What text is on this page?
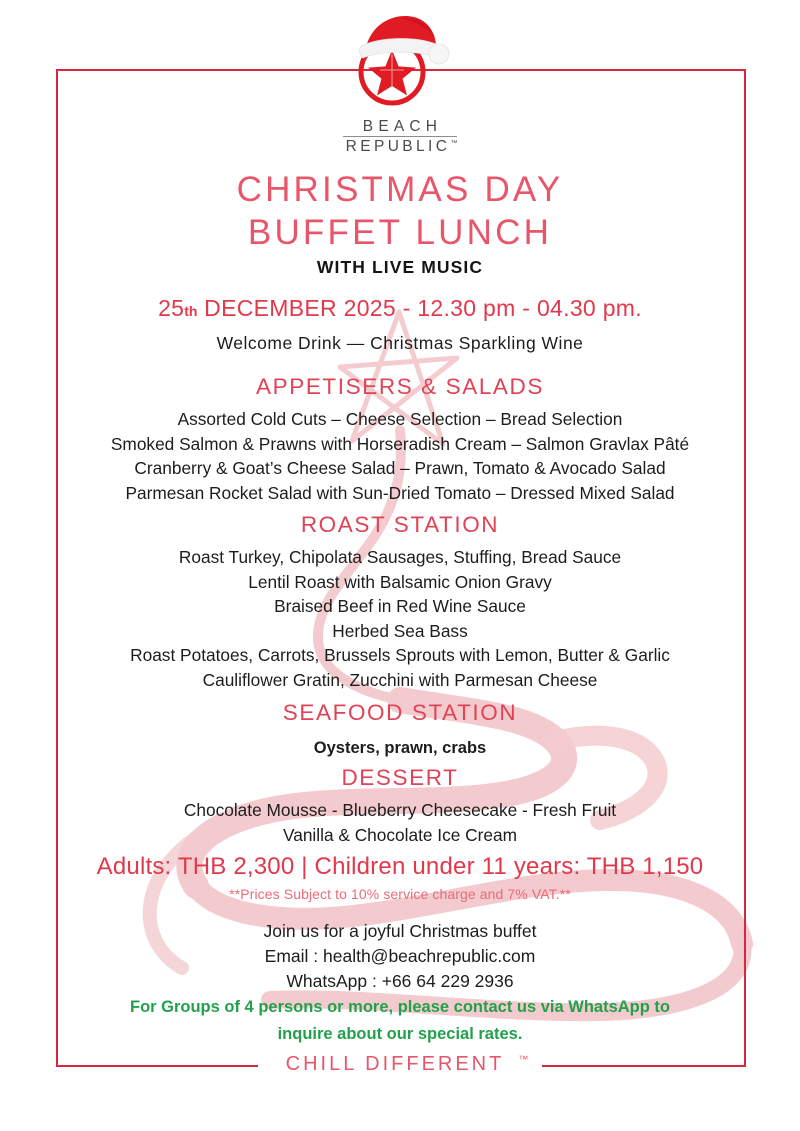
BEACH
REPUBLIC™
CHRISTMAS DAY
BUFFET LUNCH
WITH LIVE MUSIC
25th DECEMBER 2025 - 12.30 pm - 04.30 pm.
Welcome Drink — Christmas Sparkling Wine

APPETISERS & SALADS

Assorted Cold Cuts – Cheese Selection – Bread Selection

Smoked Salmon & Prawns with Horseradish Cream – Salmon Gravlax Pâté

Cranberry & Goat’s Cheese Salad – Prawn, Tomato & Avocado Salad

Parmesan Rocket Salad with Sun-Dried Tomato – Dressed Mixed Salad

ROAST STATION

Roast Turkey, Chipolata Sausages, Stuffing, Bread Sauce

Lentil Roast with Balsamic Onion Gravy

Braised Beef in Red Wine Sauce

Herbed Sea Bass

Roast Potatoes, Carrots, Brussels Sprouts with Lemon, Butter & Garlic

Cauliflower Gratin, Zucchini with Parmesan Cheese

SEAFOOD STATION

Oysters, prawn, crabs

DESSERT

Chocolate Mousse - Blueberry Cheesecake - Fresh Fruit

Vanilla & Chocolate Ice Cream

Adults: THB 2,300 | Children under 11 years: THB 1,150
**Prices Subject to 10% service charge and 7% VAT.**

Join us for a joyful Christmas buffet

Email : health@beachrepublic.com

WhatsApp : +66 64 229 2936

For Groups of 4 persons or more, please contact us via WhatsApp to
inquire about our special rates.
CHILL DIFFERENT ™
